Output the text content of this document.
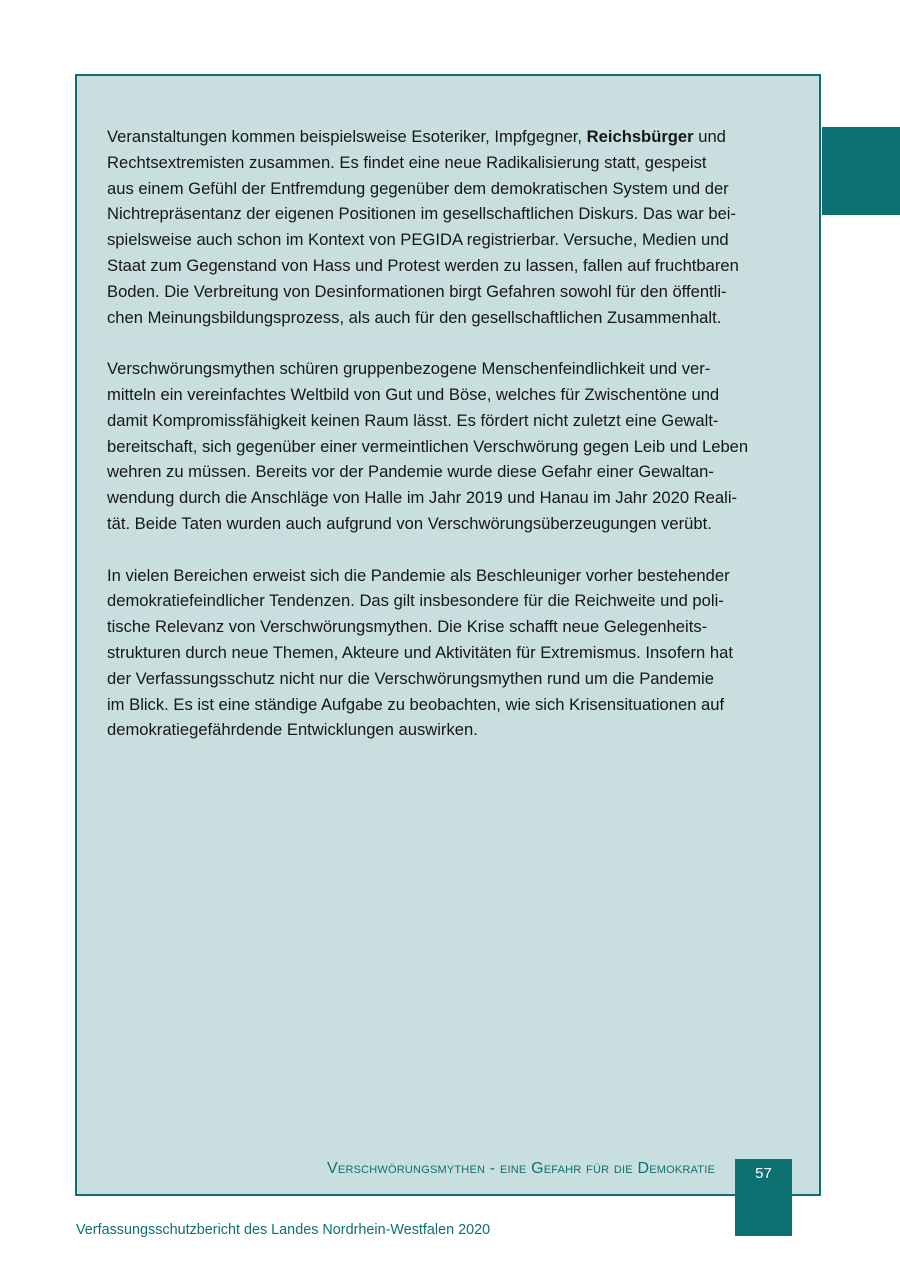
Veranstaltungen kommen beispielsweise Esoteriker, Impfgegner, Reichsbürger und
Rechtsextremisten zusammen. Es findet eine neue Radikalisierung statt, gespeist
aus einem Gefühl der Entfremdung gegenüber dem demokratischen System und der
Nichtrepräsentanz der eigenen Positionen im gesellschaftlichen Diskurs. Das war bei-
spielsweise auch schon im Kontext von PEGIDA registrierbar. Versuche, Medien und
Staat zum Gegenstand von Hass und Protest werden zu lassen, fallen auf fruchtbaren
Boden. Die Verbreitung von Desinformationen birgt Gefahren sowohl für den öffentli-
chen Meinungsbildungsprozess, als auch für den gesellschaftlichen Zusammenhalt.

Verschwörungsmythen schüren gruppenbezogene Menschenfeindlichkeit und ver-
mitteln ein vereinfachtes Weltbild von Gut und Böse, welches für Zwischentöne und
damit Kompromissfähigkeit keinen Raum lässt. Es fördert nicht zuletzt eine Gewalt-
bereitschaft, sich gegenüber einer vermeintlichen Verschwörung gegen Leib und Leben
wehren zu müssen. Bereits vor der Pandemie wurde diese Gefahr einer Gewaltan-
wendung durch die Anschläge von Halle im Jahr 2019 und Hanau im Jahr 2020 Reali-
tät. Beide Taten wurden auch aufgrund von Verschwörungsüberzeugungen verübt.

In vielen Bereichen erweist sich die Pandemie als Beschleuniger vorher bestehender
demokratiefeindlicher Tendenzen. Das gilt insbesondere für die Reichweite und poli-
tische Relevanz von Verschwörungsmythen. Die Krise schafft neue Gelegenheits-
strukturen durch neue Themen, Akteure und Aktivitäten für Extremismus. Insofern hat
der Verfassungsschutz nicht nur die Verschwörungsmythen rund um die Pandemie
im Blick. Es ist eine ständige Aufgabe zu beobachten, wie sich Krisensituationen auf
demokratiegefährdende Entwicklungen auswirken.

Verschwörungsmythen - eine Gefahr für die Demokratie	57
Verfassungsschutzbericht des Landes Nordrhein-Westfalen 2020
